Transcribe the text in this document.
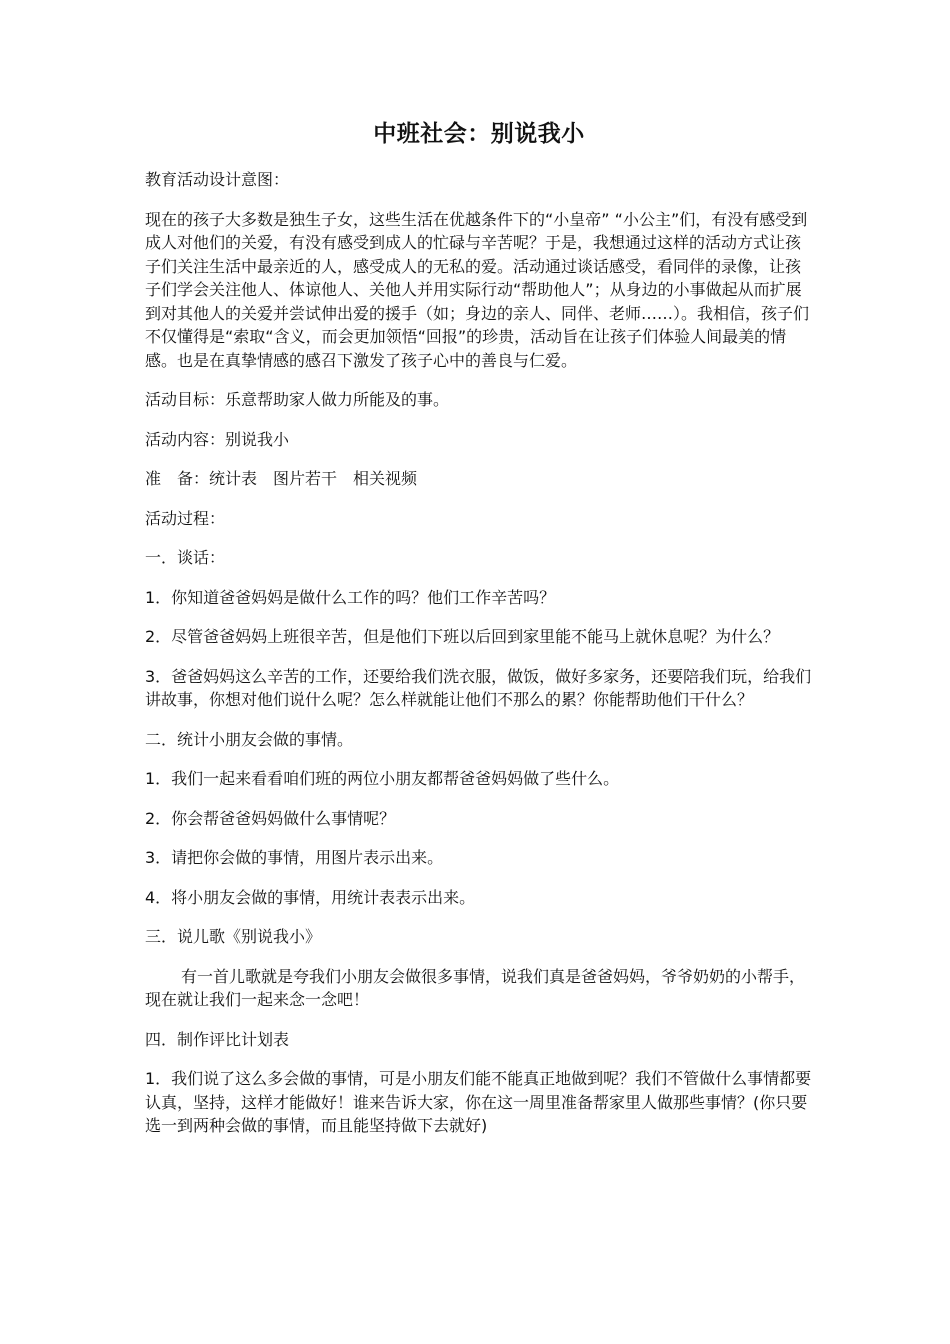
中班社会：别说我小

教育活动设计意图：

现在的孩子大多数是独生子女，这些生活在优越条件下的“小皇帝” “小公主”们，有没有感受到成人对他们的关爱，有没有感受到成人的忙碌与辛苦呢？于是，我想通过这样的活动方式让孩子们关注生活中最亲近的人，感受成人的无私的爱。活动通过谈话感受，看同伴的录像，让孩子们学会关注他人、体谅他人、关他人并用实际行动“帮助他人”；从身边的小事做起从而扩展到对其他人的关爱并尝试伸出爱的援手（如；身边的亲人、同伴、老师……）。我相信，孩子们不仅懂得是“索取“含义，而会更加领悟“回报”的珍贵，活动旨在让孩子们体验人间最美的情感。也是在真挚情感的感召下激发了孩子心中的善良与仁爱。

活动目标：乐意帮助家人做力所能及的事。

活动内容：别说我小

准　备：统计表　图片若干　相关视频

活动过程：

一．谈话：

1．你知道爸爸妈妈是做什么工作的吗？他们工作辛苦吗？

2．尽管爸爸妈妈上班很辛苦，但是他们下班以后回到家里能不能马上就休息呢？为什么？

3．爸爸妈妈这么辛苦的工作，还要给我们洗衣服，做饭，做好多家务，还要陪我们玩，给我们讲故事，你想对他们说什么呢？怎么样就能让他们不那么的累？你能帮助他们干什么？

二．统计小朋友会做的事情。

1．我们一起来看看咱们班的两位小朋友都帮爸爸妈妈做了些什么。

2．你会帮爸爸妈妈做什么事情呢？

3．请把你会做的事情，用图片表示出来。

4．将小朋友会做的事情，用统计表表示出来。

三．说儿歌《别说我小》

有一首儿歌就是夸我们小朋友会做很多事情，说我们真是爸爸妈妈，爷爷奶奶的小帮手，现在就让我们一起来念一念吧！

四．制作评比计划表

1．我们说了这么多会做的事情，可是小朋友们能不能真正地做到呢？我们不管做什么事情都要认真，坚持，这样才能做好！谁来告诉大家，你在这一周里准备帮家里人做那些事情？(你只要选一到两种会做的事情，而且能坚持做下去就好)
